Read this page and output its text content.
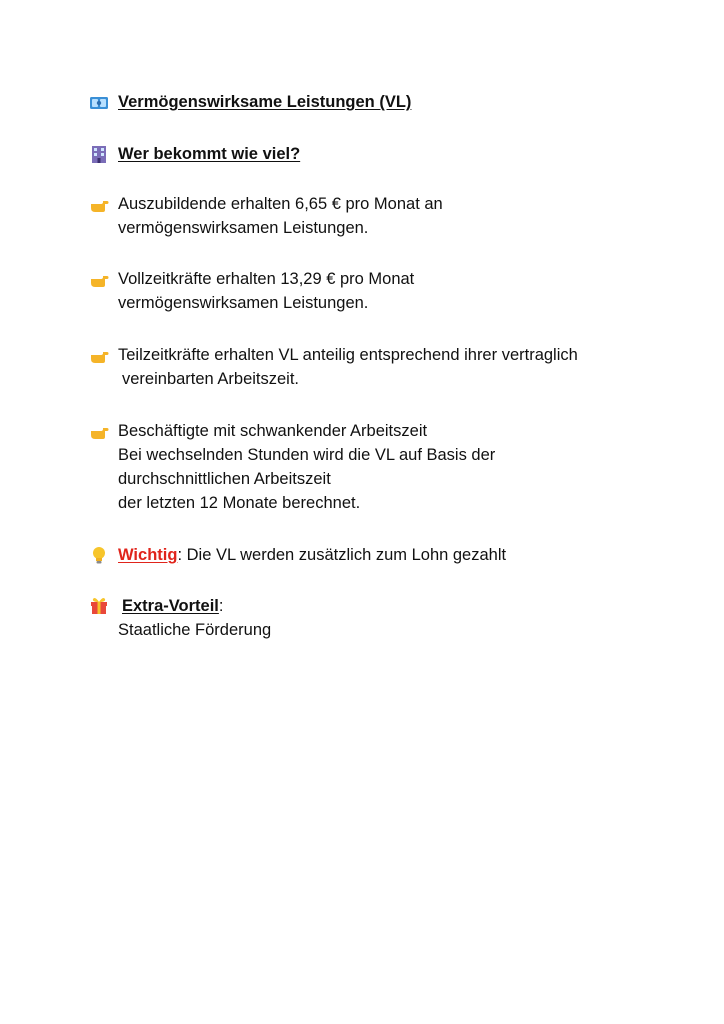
Vermögenswirksame Leistungen (VL)
Wer bekommt wie viel?
Auszubildende erhalten 6,65 € pro Monat an
vermögenswirksamen Leistungen.
Vollzeitkräfte erhalten 13,29 € pro Monat
vermögenswirksamen Leistungen.
Teilzeitkräfte erhalten VL anteilig entsprechend ihrer vertraglich
vereinbarten Arbeitszeit.
Beschäftigte mit schwankender Arbeitszeit
Bei wechselnden Stunden wird die VL auf Basis der
durchschnittlichen Arbeitszeit
der letzten 12 Monate berechnet.
Wichtig: Die VL werden zusätzlich zum Lohn gezahlt
Extra-Vorteil:
Staatliche Förderung
